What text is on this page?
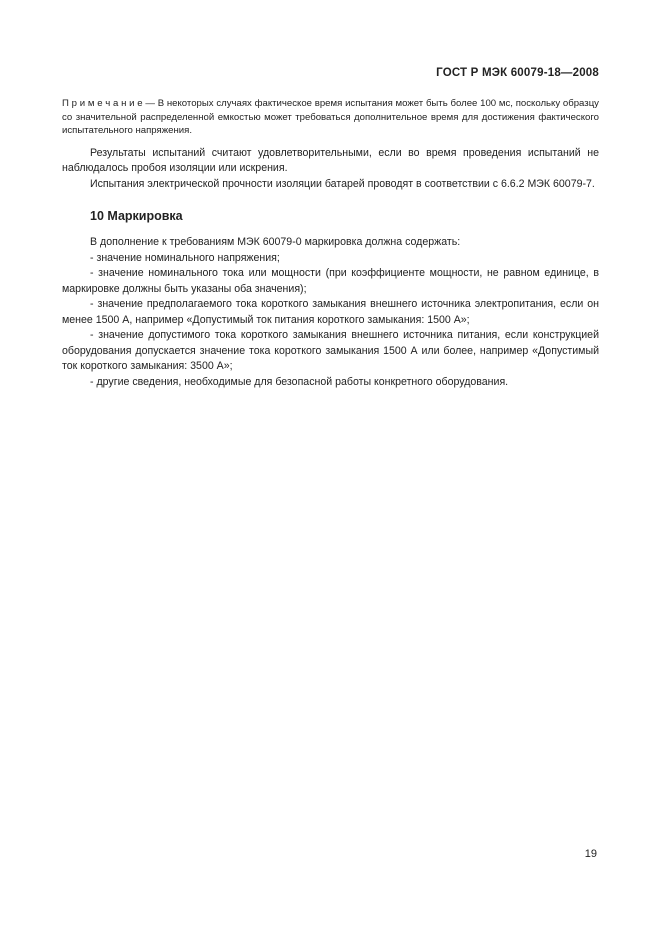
ГОСТ Р МЭК 60079-18—2008

П р и м е ч а н и е — В некоторых случаях фактическое время испытания может быть более 100 мс, поскольку образцу со значительной распределенной емкостью может требоваться дополнительное время для достижения фактического испытательного напряжения.

Результаты испытаний считают удовлетворительными, если во время проведения испытаний не наблюдалось пробоя изоляции или искрения.

Испытания электрической прочности изоляции батарей проводят в соответствии с 6.6.2 МЭК 60079-7.

10 Маркировка

В дополнение к требованиям МЭК 60079-0 маркировка должна содержать:

- значение номинального напряжения;

- значение номинального тока или мощности (при коэффициенте мощности, не равном единице, в маркировке должны быть указаны оба значения);

- значение предполагаемого тока короткого замыкания внешнего источника электропитания, если он менее 1500 А, например «Допустимый ток питания короткого замыкания: 1500 А»;

- значение допустимого тока короткого замыкания внешнего источника питания, если конструкцией оборудования допускается значение тока короткого замыкания 1500 А или более, например «Допустимый ток короткого замыкания: 3500 А»;

- другие сведения, необходимые для безопасной работы конкретного оборудования.

19
